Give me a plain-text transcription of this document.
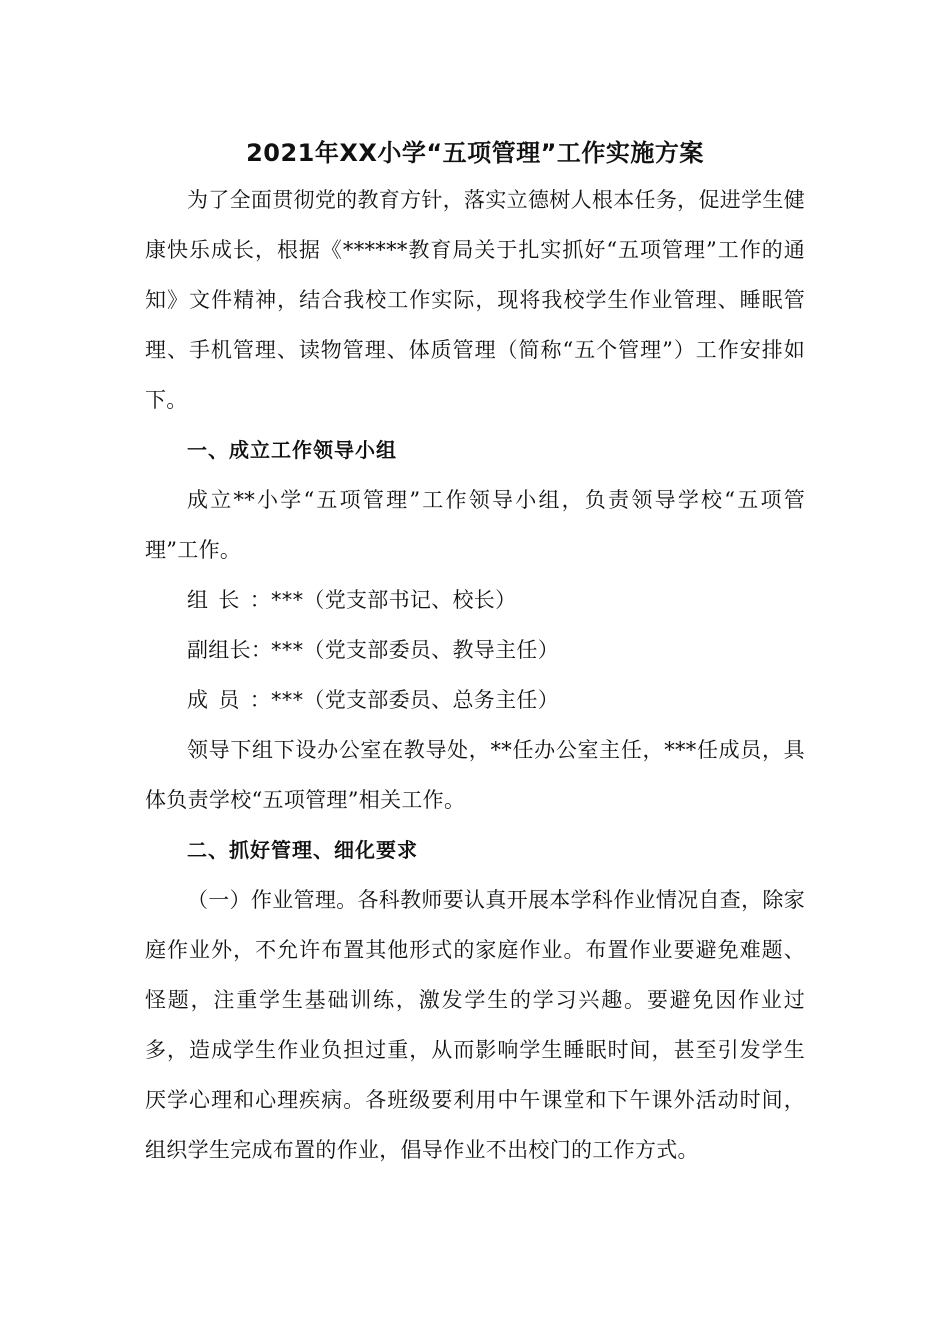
2021年XX小学“五项管理”工作实施方案

为了全面贯彻党的教育方针，落实立德树人根本任务，促进学生健康快乐成长，根据《******教育局关于扎实抓好“五项管理”工作的通知》文件精神，结合我校工作实际，现将我校学生作业管理、睡眠管理、手机管理、读物管理、体质管理（简称“五个管理”）工作安排如下。

一、成立工作领导小组

成立**小学“五项管理”工作领导小组，负责领导学校“五项管理”工作。

组长：***（党支部书记、校长）

副组长：***（党支部委员、教导主任）

成员：***（党支部委员、总务主任）

领导下组下设办公室在教导处，**任办公室主任，***任成员，具体负责学校“五项管理”相关工作。

二、抓好管理、细化要求

（一）作业管理。各科教师要认真开展本学科作业情况自查，除家庭作业外，不允许布置其他形式的家庭作业。布置作业要避免难题、怪题，注重学生基础训练，激发学生的学习兴趣。要避免因作业过多，造成学生作业负担过重，从而影响学生睡眠时间，甚至引发学生厌学心理和心理疾病。各班级要利用中午课堂和下午课外活动时间，组织学生完成布置的作业，倡导作业不出校门的工作方式。
